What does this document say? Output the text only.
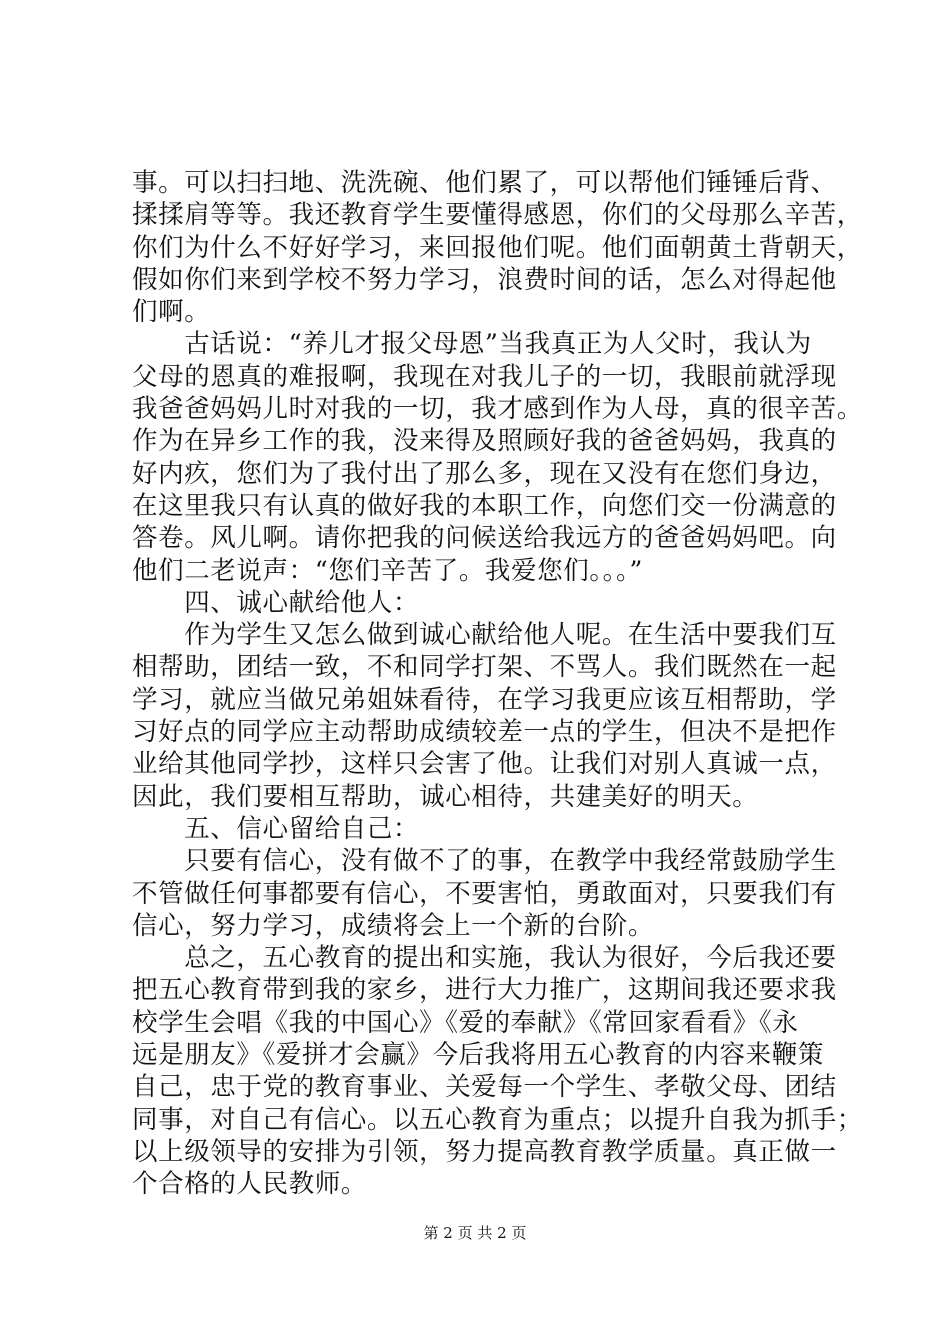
事。可以扫扫地、洗洗碗、他们累了，可以帮他们锤锤后背、
揉揉肩等等。我还教育学生要懂得感恩，你们的父母那么辛苦，
你们为什么不好好学习，来回报他们呢。他们面朝黄土背朝天，
假如你们来到学校不努力学习，浪费时间的话，怎么对得起他
们啊。
　　古话说：“养儿才报父母恩”当我真正为人父时，我认为
父母的恩真的难报啊，我现在对我儿子的一切，我眼前就浮现
我爸爸妈妈儿时对我的一切，我才感到作为人母，真的很辛苦。
作为在异乡工作的我，没来得及照顾好我的爸爸妈妈，我真的
好内疚，您们为了我付出了那么多，现在又没有在您们身边，
在这里我只有认真的做好我的本职工作，向您们交一份满意的
答卷。风儿啊。请你把我的问候送给我远方的爸爸妈妈吧。向
他们二老说声：“您们辛苦了。我爱您们。。。”
　　四、诚心献给他人：
　　作为学生又怎么做到诚心献给他人呢。在生活中要我们互
相帮助，团结一致，不和同学打架、不骂人。我们既然在一起
学习，就应当做兄弟姐妹看待，在学习我更应该互相帮助，学
习好点的同学应主动帮助成绩较差一点的学生，但决不是把作
业给其他同学抄，这样只会害了他。让我们对别人真诚一点，
因此，我们要相互帮助，诚心相待，共建美好的明天。
　　五、信心留给自己：
　　只要有信心，没有做不了的事，在教学中我经常鼓励学生
不管做任何事都要有信心，不要害怕，勇敢面对，只要我们有
信心，努力学习，成绩将会上一个新的台阶。
　　总之，五心教育的提出和实施，我认为很好，今后我还要
把五心教育带到我的家乡，进行大力推广，这期间我还要求我
校学生会唱《我的中国心》《爱的奉献》《常回家看看》《永
远是朋友》《爱拼才会赢》今后我将用五心教育的内容来鞭策
自己，忠于党的教育事业、关爱每一个学生、孝敬父母、团结
同事，对自己有信心。以五心教育为重点；以提升自我为抓手；
以上级领导的安排为引领，努力提高教育教学质量。真正做一
个合格的人民教师。
第 2 页 共 2 页
